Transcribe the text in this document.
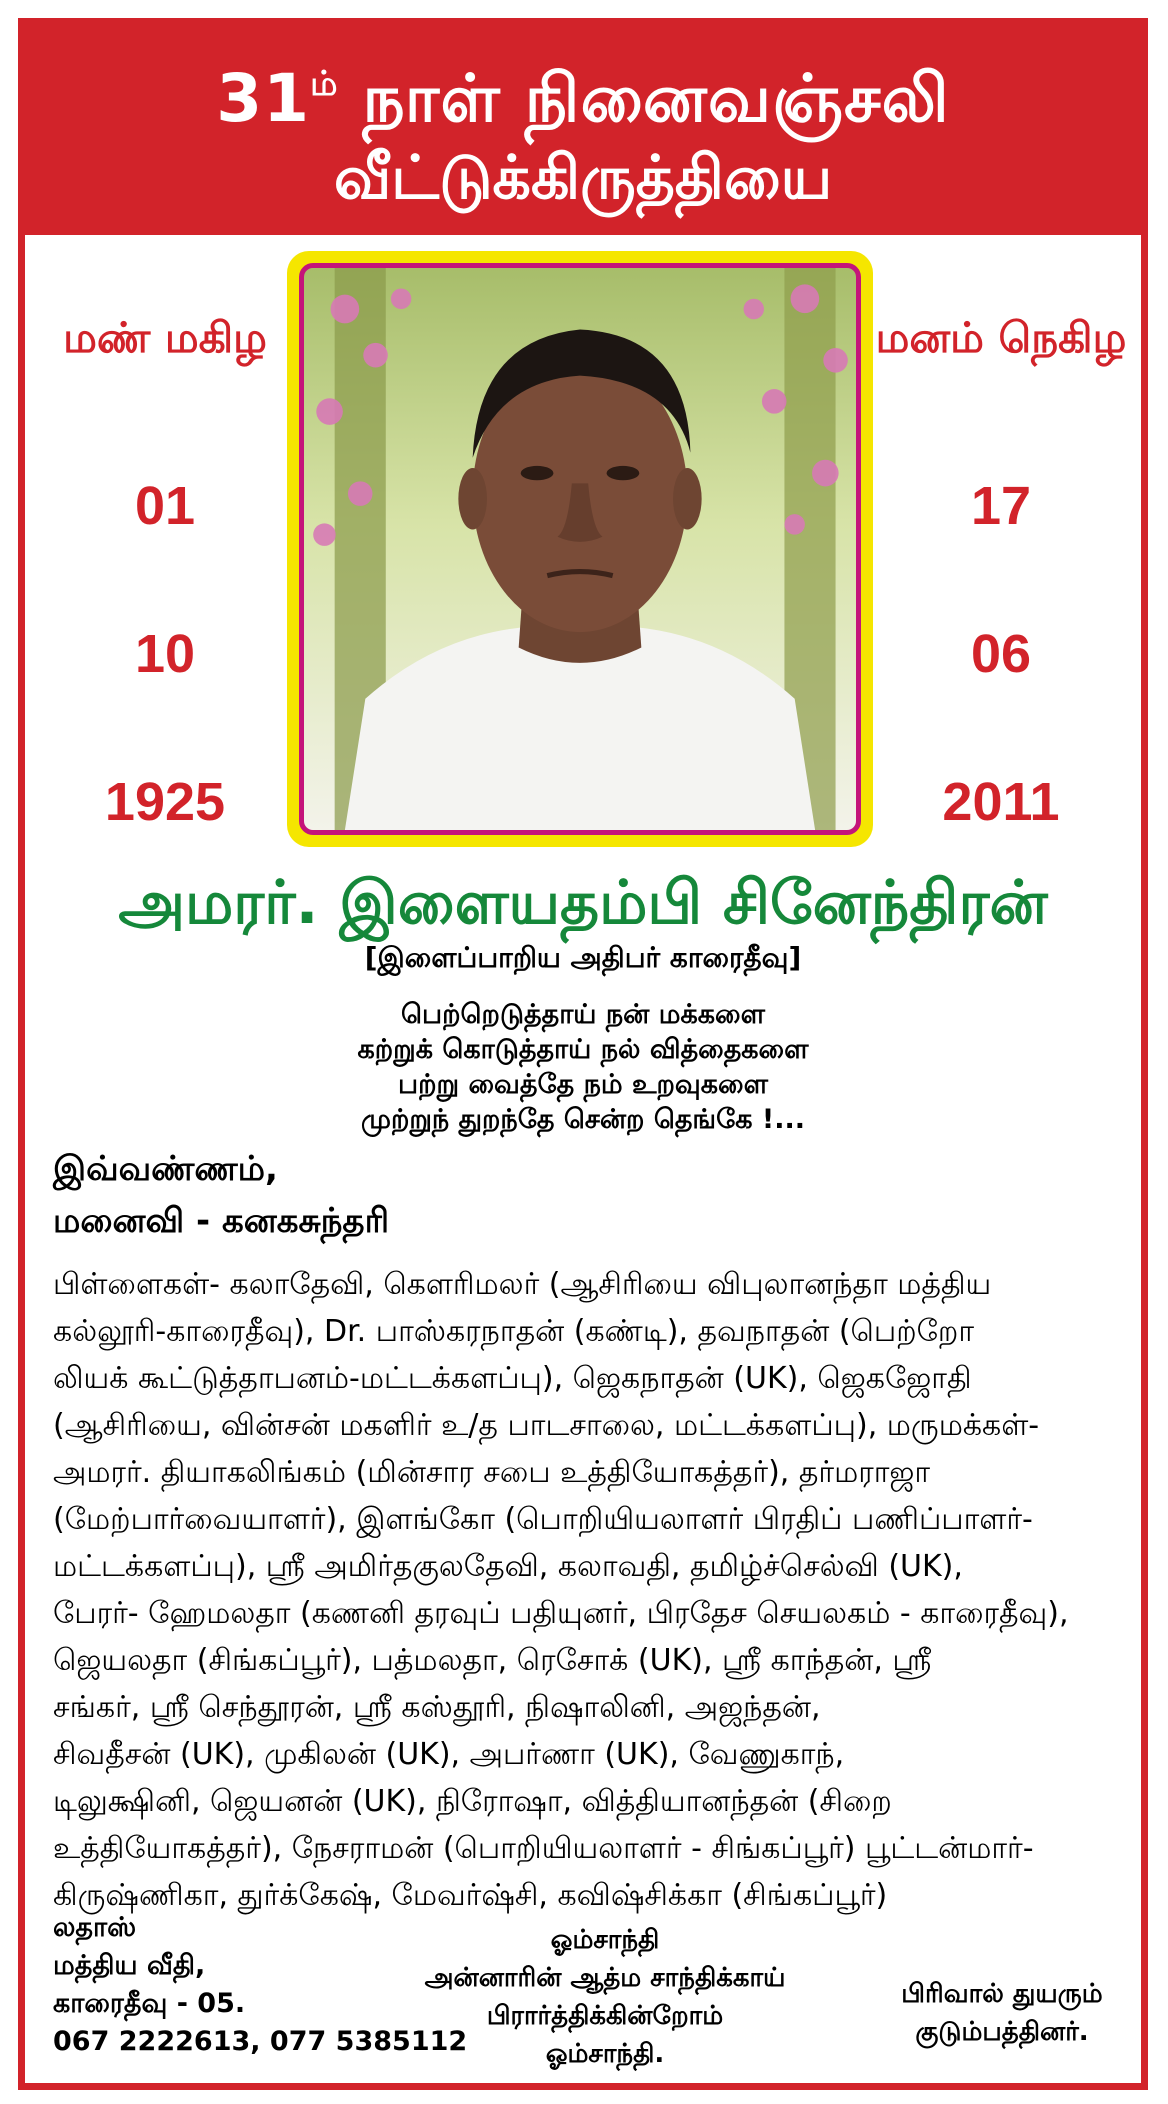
$31^{ம்}$ நாள் நினைவஞ்சலி
வீட்டுக்கிருத்தியை
மண் மகிழ
01
10
1925
மனம் நெகிழ
17
06
2011
அமரர். இளையதம்பி சினேந்திரன்
[இளைப்பாறிய அதிபர் காரைதீவு]
பெற்றெடுத்தாய் நன் மக்களை
கற்றுக் கொடுத்தாய் நல் வித்தைகளை
பற்று வைத்தே நம் உறவுகளை
முற்றுந் துறந்தே சென்ற தெங்கே !...
இவ்வண்ணம்,
மனைவி - கனகசுந்தரி
பிள்ளைகள்- கலாதேவி, கௌரிமலர் (ஆசிரியை விபுலானந்தா மத்திய
கல்லூரி-காரைதீவு), Dr. பாஸ்கரநாதன் (கண்டி), தவநாதன் (பெற்றோ
லியக் கூட்டுத்தாபனம்-மட்டக்களப்பு), ஜெகநாதன் (UK), ஜெகஜோதி
(ஆசிரியை, வின்சன் மகளிர் உ/த பாடசாலை, மட்டக்களப்பு), மருமக்கள்-
அமரர். தியாகலிங்கம் (மின்சார சபை உத்தியோகத்தர்), தர்மராஜா
(மேற்பார்வையாளர்), இளங்கோ (பொறியியலாளர் பிரதிப் பணிப்பாளர்-
மட்டக்களப்பு), ஸ்ரீ அமிர்தகுலதேவி, கலாவதி, தமிழ்ச்செல்வி (UK),
பேரர்- ஹேமலதா (கணனி தரவுப் பதியுனர், பிரதேச செயலகம் - காரைதீவு),
ஜெயலதா (சிங்கப்பூர்), பத்மலதா, ரெசோக் (UK), ஸ்ரீ காந்தன், ஸ்ரீ
சங்கர், ஸ்ரீ செந்தூரன், ஸ்ரீ கஸ்தூரி, நிஷாலினி, அஜந்தன்,
சிவதீசன் (UK), முகிலன் (UK), அபர்ணா (UK), வேணுகாந்,
டிலுக்ஷினி, ஜெயனன் (UK), நிரோஷா, வித்தியானந்தன் (சிறை
உத்தியோகத்தர்), நேசராமன் (பொறியியலாளர் - சிங்கப்பூர்) பூட்டன்மார்-
கிருஷ்ணிகா, துர்க்கேஷ், மேவர்ஷ்சி, கவிஷ்சிக்கா (சிங்கப்பூர்)
லதாஸ்
மத்திய வீதி,
காரைதீவு - 05.
067 2222613, 077 5385112
ஓம்சாந்தி
அன்னாரின் ஆத்ம சாந்திக்காய்
பிரார்த்திக்கின்றோம்
ஓம்சாந்தி.
பிரிவால் துயரும்
குடும்பத்தினர்.
